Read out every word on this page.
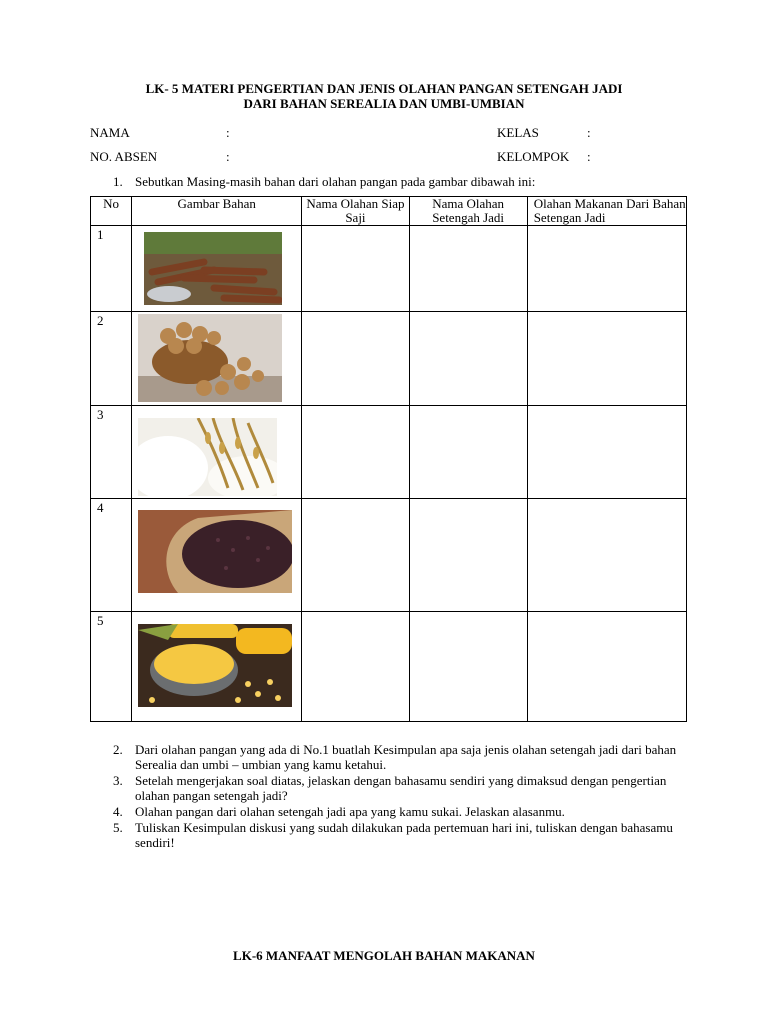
LK- 5 MATERI PENGERTIAN DAN JENIS OLAHAN PANGAN SETENGAH JADI
DARI BAHAN SEREALIA DAN UMBI-UMBIAN
NAMA	:	KELAS	:
NO. ABSEN	:	KELOMPOK :
1. Sebutkan Masing-masih bahan dari olahan pangan pada gambar dibawah ini:
No	Gambar Bahan	Nama Olahan Siap Saji	Nama Olahan Setengah Jadi	Olahan Makanan Dari Bahan Setengan Jadi
1	

2	

3	

4	

5	

2. Dari olahan pangan yang ada di No.1 buatlah Kesimpulan apa saja jenis olahan setengah jadi dari bahan Serealia dan umbi – umbian yang kamu ketahui.
3. Setelah mengerjakan soal diatas, jelaskan dengan bahasamu sendiri yang dimaksud dengan pengertian olahan pangan setengah jadi?
4. Olahan pangan dari olahan setengah jadi apa yang kamu sukai. Jelaskan alasanmu.
5. Tuliskan Kesimpulan diskusi yang sudah dilakukan pada pertemuan hari ini, tuliskan dengan bahasamu sendiri!
LK-6 MANFAAT MENGOLAH BAHAN MAKANAN
